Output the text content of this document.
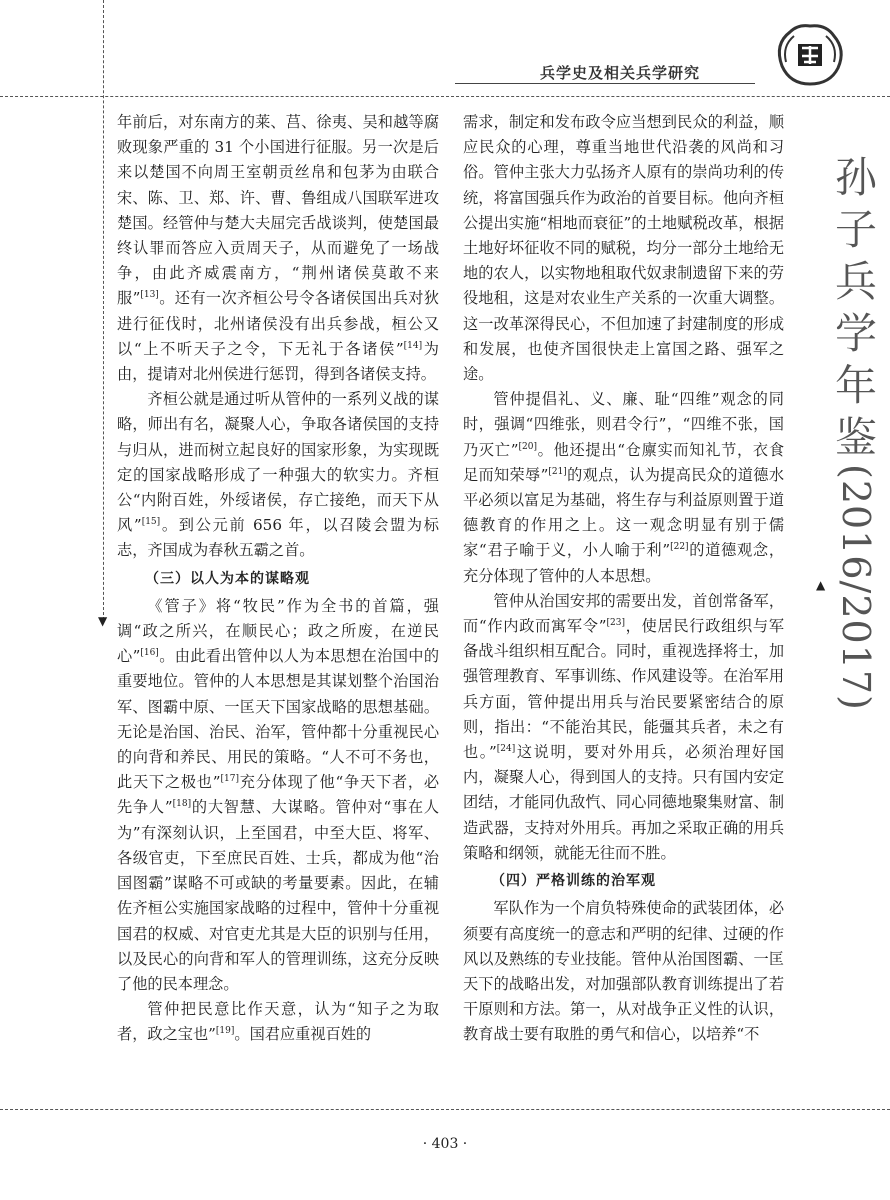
▼
▲
兵学史及相关兵学研究
孙子兵学年鉴
(2016/2017)

年前后，对东南方的莱、莒、徐夷、吴和越等腐败现象严重的 31 个小国进行征服。另一次是后来以楚国不向周王室朝贡丝帛和包茅为由联合宋、陈、卫、郑、许、曹、鲁组成八国联军进攻楚国。经管仲与楚大夫屈完舌战谈判，使楚国最终认罪而答应入贡周天子，从而避免了一场战争，由此齐威震南方，“荆州诸侯莫敢不来服”[13]。还有一次齐桓公号令各诸侯国出兵对狄进行征伐时，北州诸侯没有出兵参战，桓公又以“上不听天子之令，下无礼于各诸侯”[14]为由，提请对北州侯进行惩罚，得到各诸侯支持。

齐桓公就是通过听从管仲的一系列义战的谋略，师出有名，凝聚人心，争取各诸侯国的支持与归从，进而树立起良好的国家形象，为实现既定的国家战略形成了一种强大的软实力。齐桓公“内附百姓，外绥诸侯，存亡接绝，而天下从风”[15]。到公元前 656 年，以召陵会盟为标志，齐国成为春秋五霸之首。

（三）以人为本的谋略观

《管子》将“牧民”作为全书的首篇，强调“政之所兴，在顺民心；政之所废，在逆民心”[16]。由此看出管仲以人为本思想在治国中的重要地位。管仲的人本思想是其谋划整个治国治军、图霸中原、一匡天下国家战略的思想基础。无论是治国、治民、治军，管仲都十分重视民心的向背和养民、用民的策略。“人不可不务也，此天下之极也”[17]充分体现了他“争天下者，必先争人”[18]的大智慧、大谋略。管仲对“事在人为”有深刻认识，上至国君，中至大臣、将军、各级官吏，下至庶民百姓、士兵，都成为他“治国图霸”谋略不可或缺的考量要素。因此，在辅佐齐桓公实施国家战略的过程中，管仲十分重视国君的权威、对官吏尤其是大臣的识别与任用，以及民心的向背和军人的管理训练，这充分反映了他的民本理念。

管仲把民意比作天意，认为“知子之为取者，政之宝也”[19]。国君应重视百姓的

需求，制定和发布政令应当想到民众的利益，顺应民众的心理，尊重当地世代沿袭的风尚和习俗。管仲主张大力弘扬齐人原有的崇尚功利的传统，将富国强兵作为政治的首要目标。他向齐桓公提出实施“相地而衰征”的土地赋税改革，根据土地好坏征收不同的赋税，均分一部分土地给无地的农人，以实物地租取代奴隶制遗留下来的劳役地租，这是对农业生产关系的一次重大调整。这一改革深得民心，不但加速了封建制度的形成和发展，也使齐国很快走上富国之路、强军之途。

管仲提倡礼、义、廉、耻“四维”观念的同时，强调“四维张，则君令行”，“四维不张，国乃灭亡”[20]。他还提出“仓廪实而知礼节，衣食足而知荣辱”[21]的观点，认为提高民众的道德水平必须以富足为基础，将生存与利益原则置于道德教育的作用之上。这一观念明显有别于儒家“君子喻于义，小人喻于利”[22]的道德观念，充分体现了管仲的人本思想。

管仲从治国安邦的需要出发，首创常备军，而“作内政而寓军令”[23]，使居民行政组织与军备战斗组织相互配合。同时，重视选择将士，加强管理教育、军事训练、作风建设等。在治军用兵方面，管仲提出用兵与治民要紧密结合的原则，指出：“不能治其民，能彊其兵者，未之有也。”[24]这说明，要对外用兵，必须治理好国内，凝聚人心，得到国人的支持。只有国内安定团结，才能同仇敌忾、同心同德地聚集财富、制造武器，支持对外用兵。再加之采取正确的用兵策略和纲领，就能无往而不胜。

（四）严格训练的治军观

军队作为一个肩负特殊使命的武装团体，必须要有高度统一的意志和严明的纪律、过硬的作风以及熟练的专业技能。管仲从治国图霸、一匡天下的战略出发，对加强部队教育训练提出了若干原则和方法。第一，从对战争正义性的认识，教育战士要有取胜的勇气和信心，以培养“不

· 403 ·
